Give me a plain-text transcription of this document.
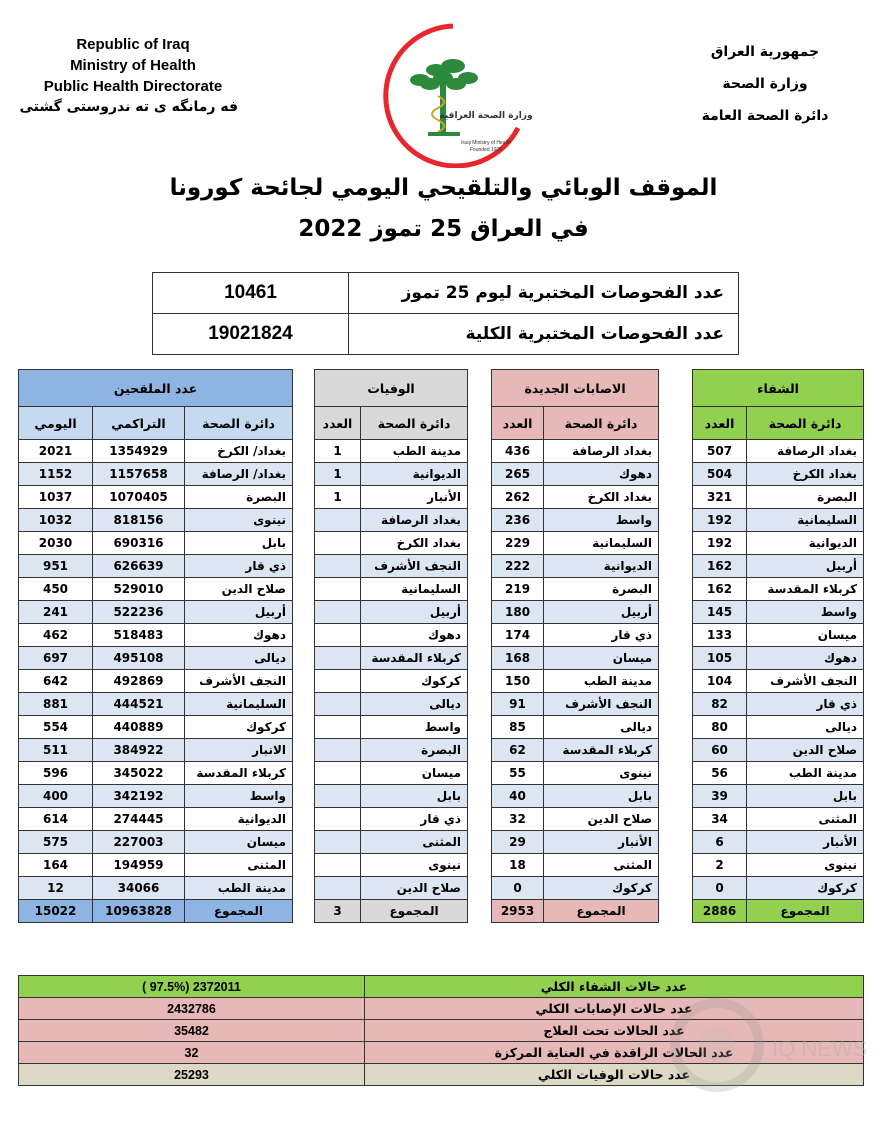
Republic of Iraq
Ministry of Health
Public Health Directorate
فه رمانگه ی ته ندروستی گشتی
وزارة الصحة العراقية
Iraqi Ministry of Health
Founded 1920
جمهورية العراق
وزارة الصحة
دائرة الصحة العامة
الموقف الوبائي والتلقيحي اليومي لجائحة كورونا
في العراق 25 تموز 2022
10461	عدد الفحوصات المختبرية ليوم 25 تموز
19021824	عدد الفحوصات المختبرية الكلية
عدد الملقحين				الوفيات			الاصابات الجديدة			الشفاء	
اليومي	التراكمي	دائرة الصحة		العدد	دائرة الصحة		العدد	دائرة الصحة		العدد	دائرة الصحة
2021	1354929	بغداد/ الكرخ		1	مدينة الطب		436	بغداد الرصافة		507	بغداد الرصافة
1152	1157658	بغداد/ الرصافة		1	الديوانية		265	دهوك		504	بغداد الكرخ
1037	1070405	البصرة		1	الأنبار		262	بغداد الكرخ		321	البصرة
1032	818156	نينوى			بغداد الرصافة		236	واسط		192	السليمانية
2030	690316	بابل			بغداد الكرخ		229	السليمانية		192	الديوانية
951	626639	ذي قار			النجف الأشرف		222	الديوانية		162	أربيل
450	529010	صلاح الدين			السليمانية		219	البصرة		162	كربلاء المقدسة
241	522236	أربيل			أربيل		180	أربيل		145	واسط
462	518483	دهوك			دهوك		174	ذي قار		133	ميسان
697	495108	ديالى			كربلاء المقدسة		168	ميسان		105	دهوك
642	492869	النجف الأشرف			كركوك		150	مدينة الطب		104	النجف الأشرف
881	444521	السليمانية			ديالى		91	النجف الأشرف		82	ذي قار
554	440889	كركوك			واسط		85	ديالى		80	ديالى
511	384922	الانبار			البصرة		62	كربلاء المقدسة		60	صلاح الدين
596	345022	كربلاء المقدسة			ميسان		55	نينوى		56	مدينة الطب
400	342192	واسط			بابل		40	بابل		39	بابل
614	274445	الديوانية			ذي قار		32	صلاح الدين		34	المثنى
575	227003	ميسان			المثنى		29	الأنبار		6	الأنبار
164	194959	المثنى			نينوى		18	المثنى		2	نينوى
12	34066	مدينة الطب			صلاح الدين		0	كركوك		0	كركوك
15022	10963828	المجموع		3	المجموع		2953	المجموع		2886	المجموع
( 97.5%) 2372011	عدد حالات الشفاء الكلي
2432786	عدد حالات الإصابات الكلي
35482	عدد الحالات تحت العلاج
32	عدد الحالات الراقدة في العناية المركزة
25293	عدد حالات الوفيات الكلي
IQ NEWS
